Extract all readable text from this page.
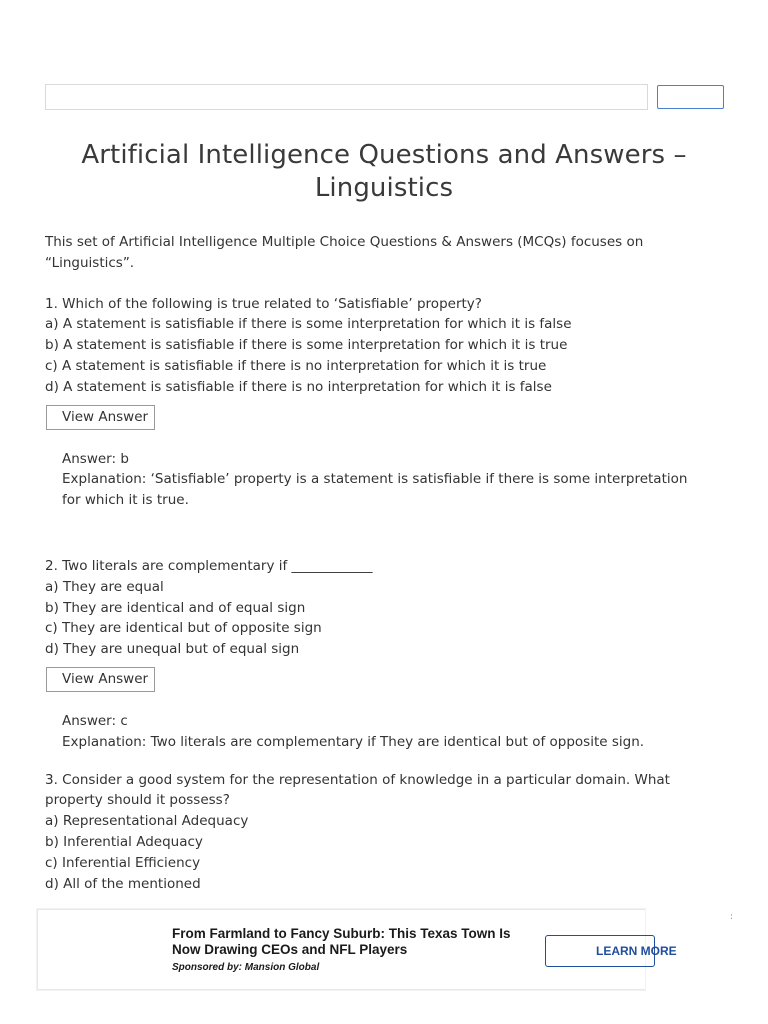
Artificial Intelligence Questions and Answers – Linguistics

This set of Artificial Intelligence Multiple Choice Questions & Answers (MCQs) focuses on “Linguistics”.

1. Which of the following is true related to ‘Satisfiable’ property?
a) A statement is satisfiable if there is some interpretation for which it is false
b) A statement is satisfiable if there is some interpretation for which it is true
c) A statement is satisfiable if there is no interpretation for which it is true
d) A statement is satisfiable if there is no interpretation for which it is false
View Answer
Answer: b
Explanation: ‘Satisfiable’ property is a statement is satisfiable if there is some interpretation for which it is true.
2. Two literals are complementary if ____________
a) They are equal
b) They are identical and of equal sign
c) They are identical but of opposite sign
d) They are unequal but of equal sign
View Answer
Answer: c
Explanation: Two literals are complementary if They are identical but of opposite sign.
3. Consider a good system for the representation of knowledge in a particular domain. What property should it possess?
a) Representational Adequacy
b) Inferential Adequacy
c) Inferential Efficiency
d) All of the mentioned
From Farmland to Fancy Suburb: This Texas Town Is Now Drawing CEOs and NFL Players
Sponsored by: Mansion Global
LEARN MORE
:
